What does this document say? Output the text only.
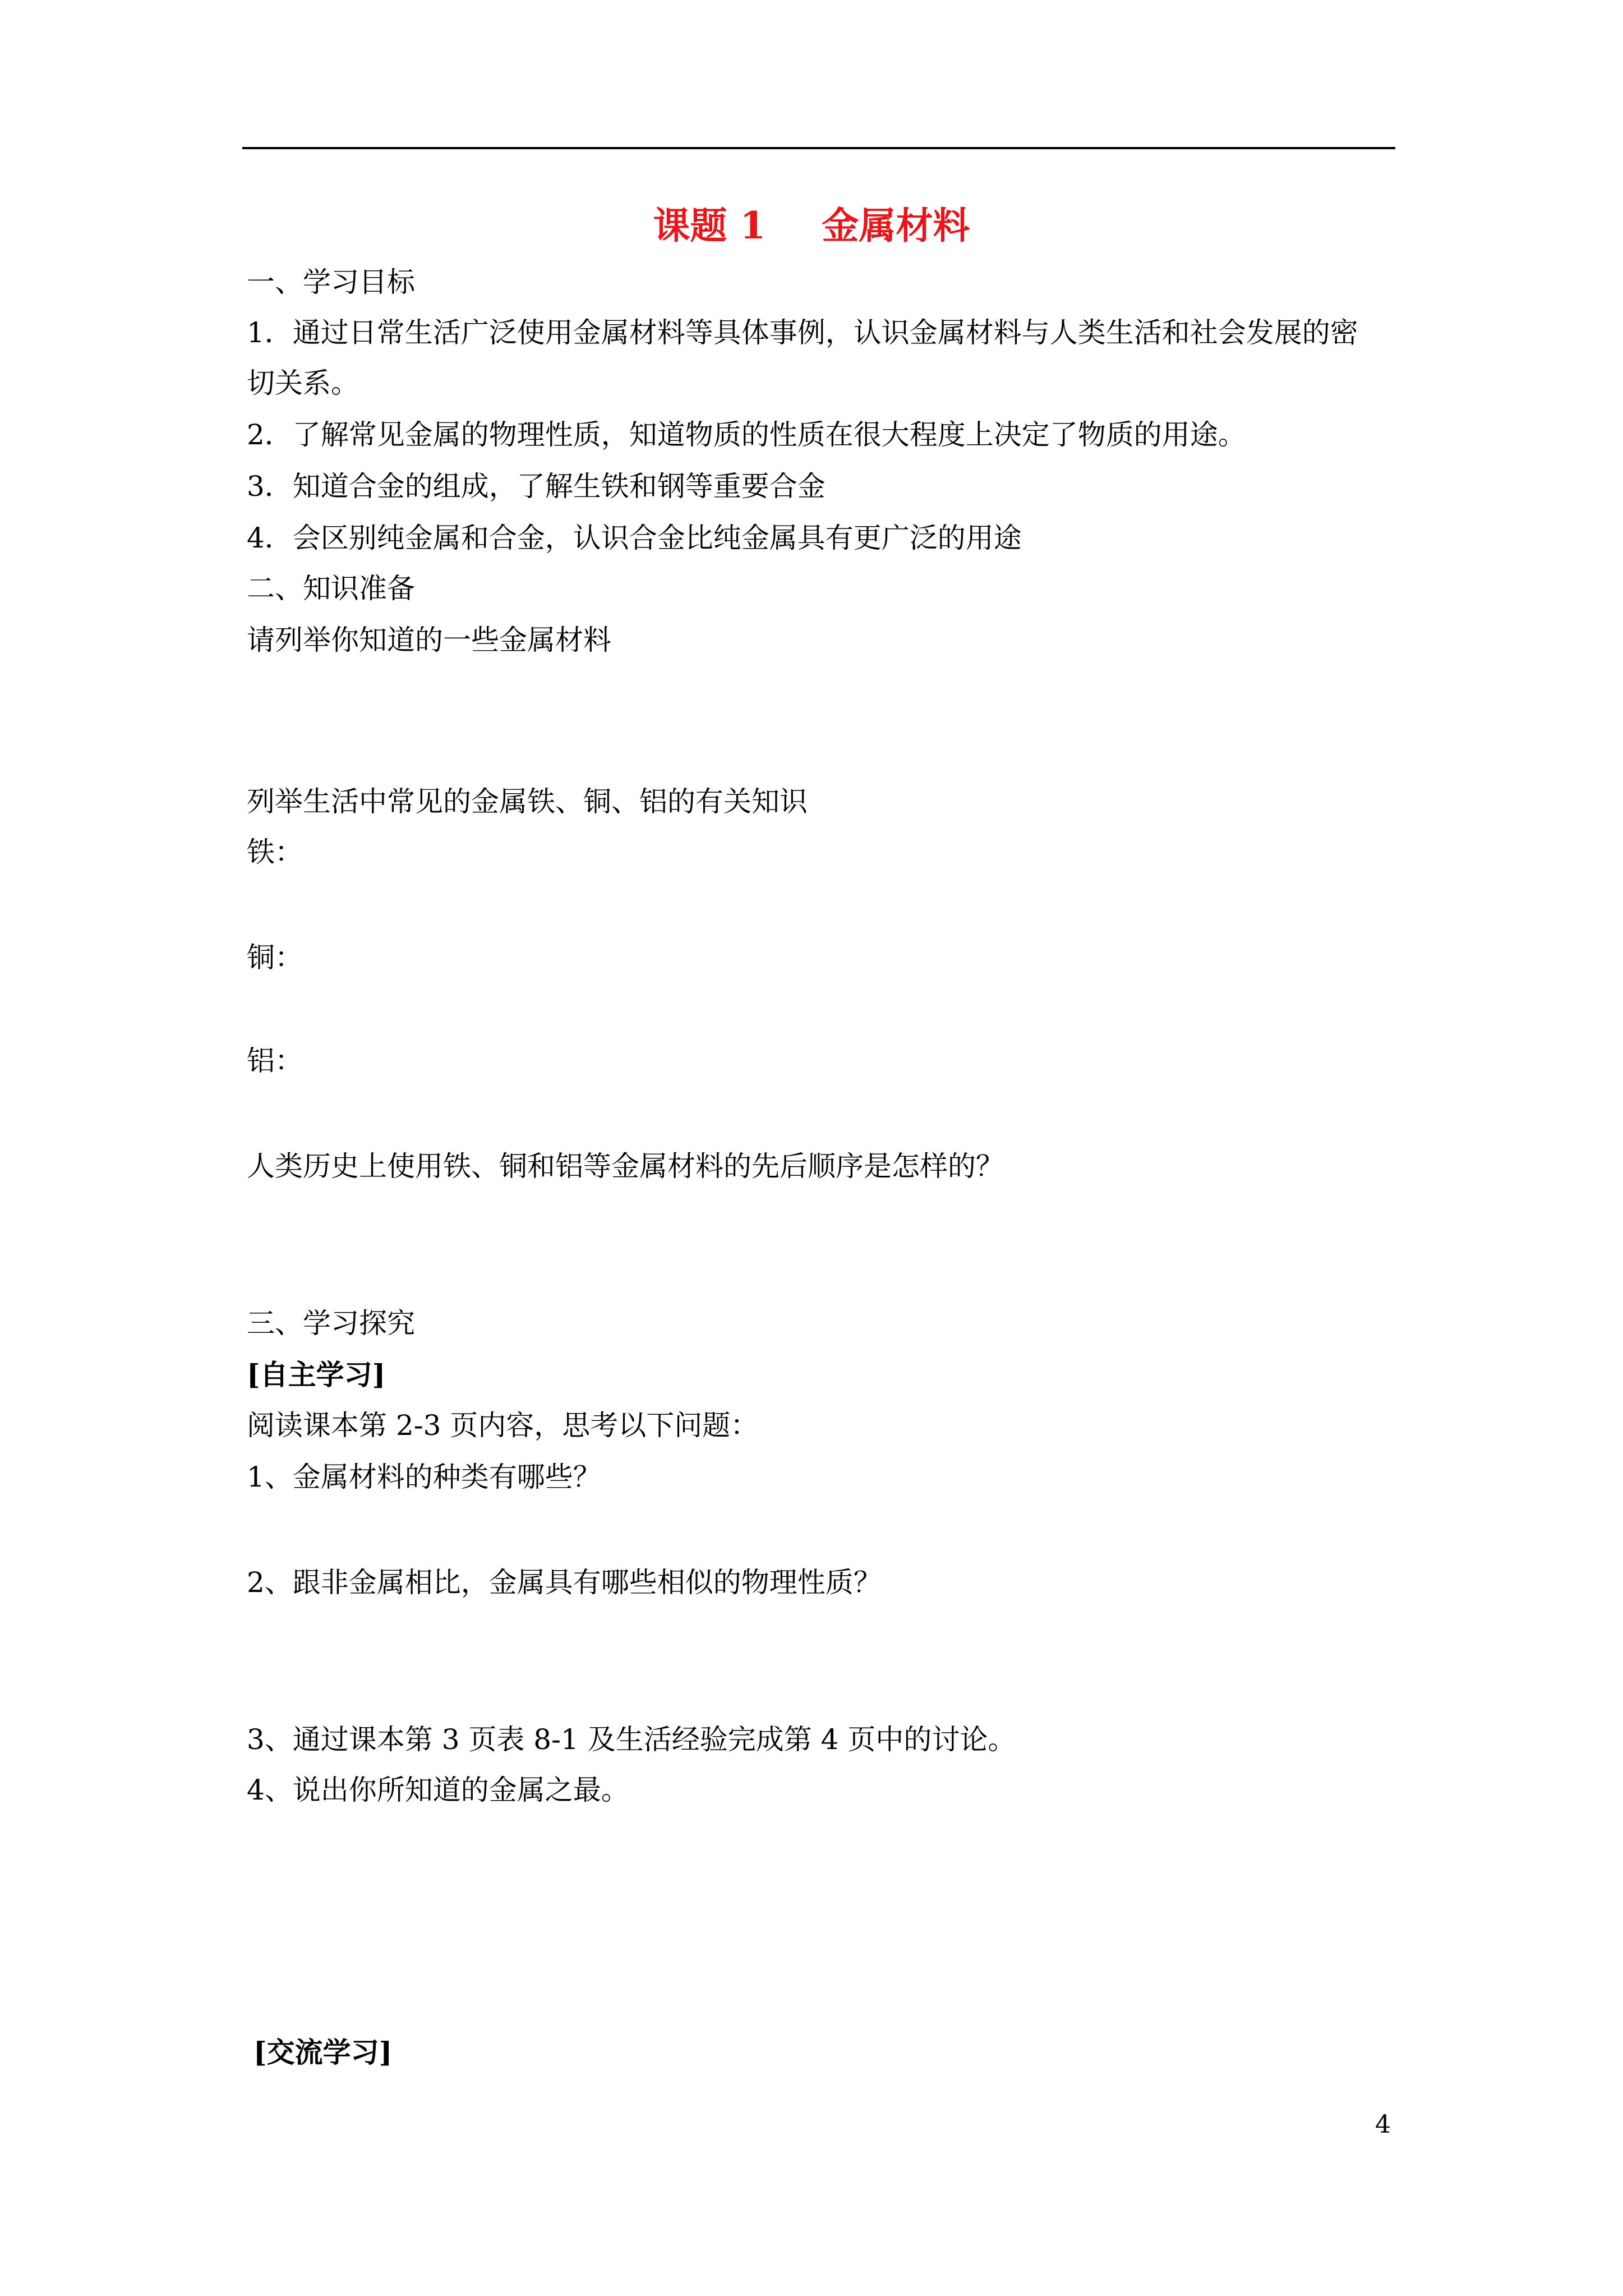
课题 1 金属材料
一、学习目标
1．通过日常生活广泛使用金属材料等具体事例，认识金属材料与人类生活和社会发展的密
切关系。
2．了解常见金属的物理性质，知道物质的性质在很大程度上决定了物质的用途。
3．知道合金的组成，了解生铁和钢等重要合金
4．会区别纯金属和合金，认识合金比纯金属具有更广泛的用途
二、知识准备
请列举你知道的一些金属材料
列举生活中常见的金属铁、铜、铝的有关知识
铁：
铜：
铝：
人类历史上使用铁、铜和铝等金属材料的先后顺序是怎样的？
三、学习探究
[自主学习]
阅读课本第 2-3 页内容，思考以下问题：
1、金属材料的种类有哪些？
2、跟非金属相比，金属具有哪些相似的物理性质？
3、通过课本第 3 页表 8-1 及生活经验完成第 4 页中的讨论。
4、说出你所知道的金属之最。
[交流学习]
4
